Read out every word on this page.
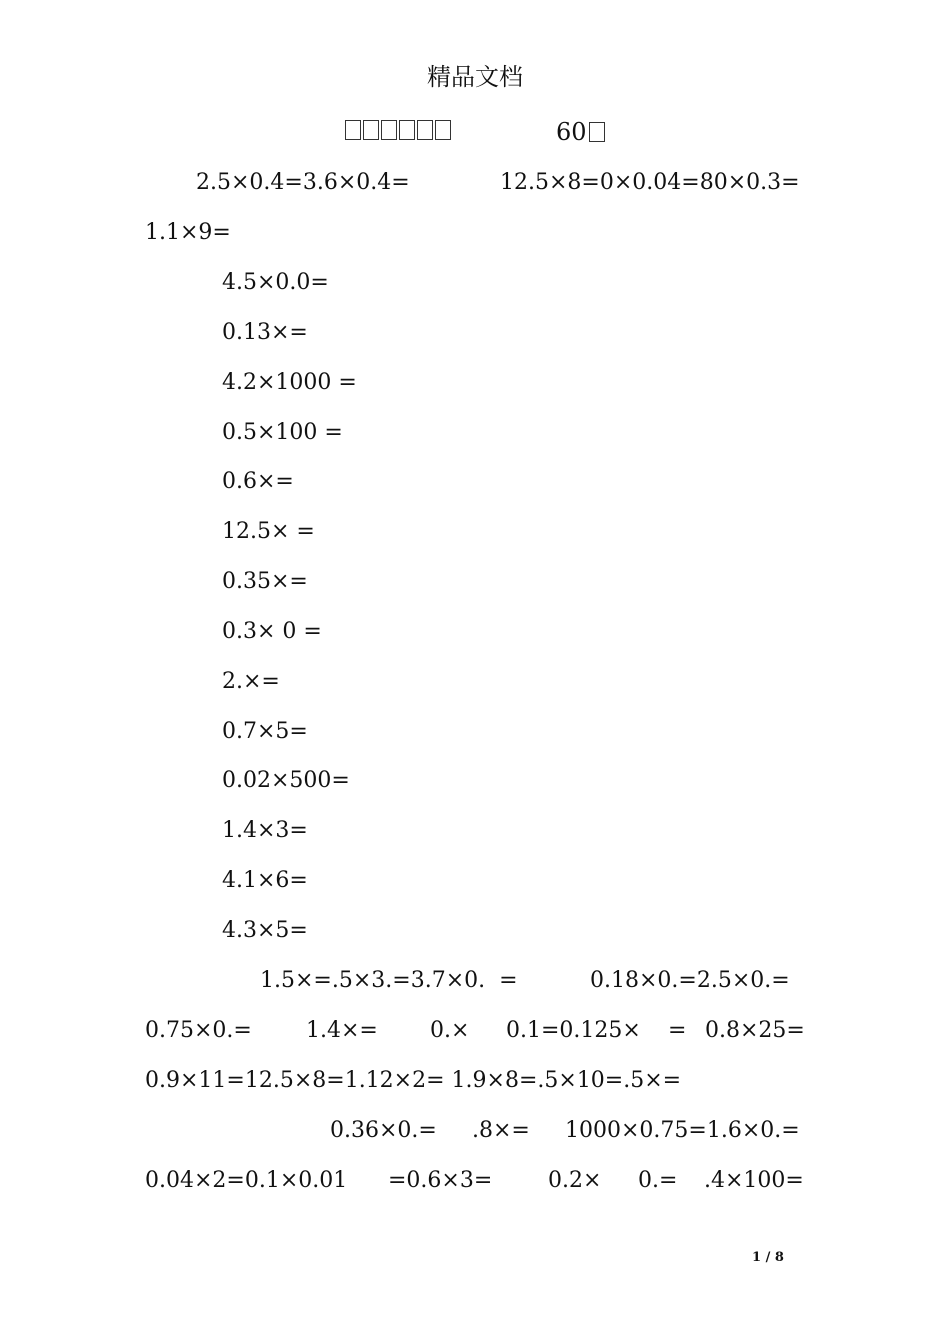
精品文档
60
2.5×0.4=3.6×0.4=	12.5×8=0×0.04=80×0.3=
1.1×9=
4.5×0.0=
0.13×=
4.2×1000 =
0.5×100 =
0.6×=
12.5× =
0.35×=
0.3× 0 =
2.×=
0.7×5=
0.02×500=
1.4×3=
4.1×6=
4.3×5=
1.5×=.5×3.=3.7×0.  =	0.18×0.=2.5×0.=
0.75×0.= 1.4×= 0.× 0.1=0.125× = 0.8×25=
0.9×11=12.5×8=1.12×2= 1.9×8=.5×10=.5×=
0.36×0.= .8×= 1000×0.75=1.6×0.=
0.04×2=0.1×0.01 =0.6×3=	0.2× 0.= .4×100=
1 / 8
